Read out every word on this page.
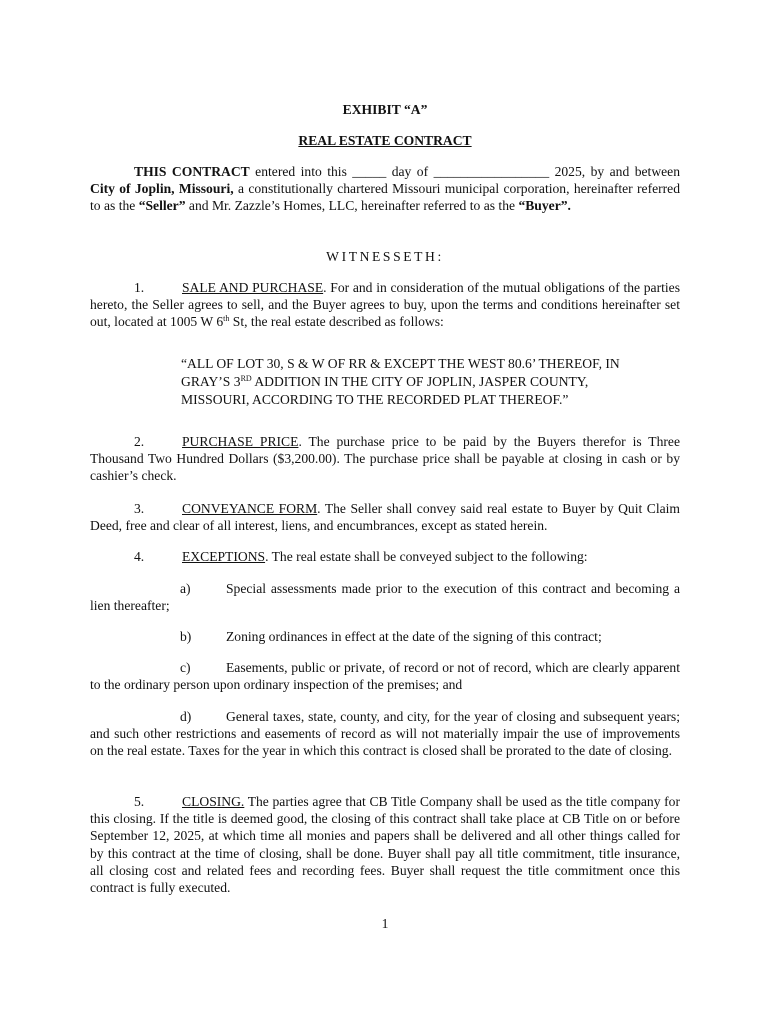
EXHIBIT “A”
REAL ESTATE CONTRACT

THIS CONTRACT entered into this _____ day of _________________ 2025, by and between City of Joplin, Missouri, a constitutionally chartered Missouri municipal corporation, hereinafter referred to as the “Seller” and Mr. Zazzle’s Homes, LLC, hereinafter referred to as the “Buyer”.

WITNESSETH:

1.	SALE AND PURCHASE. For and in consideration of the mutual obligations of the parties hereto, the Seller agrees to sell, and the Buyer agrees to buy, upon the terms and conditions hereinafter set out, located at 1005 W 6th St, the real estate described as follows:

“ALL OF LOT 30, S & W OF RR & EXCEPT THE WEST 80.6’ THEREOF, IN
GRAY’S 3RD ADDITION IN THE CITY OF JOPLIN, JASPER COUNTY,
MISSOURI, ACCORDING TO THE RECORDED PLAT THEREOF.”

2.	PURCHASE PRICE. The purchase price to be paid by the Buyers therefor is Three Thousand Two Hundred Dollars ($3,200.00). The purchase price shall be payable at closing in cash or by cashier’s check.

3.	CONVEYANCE FORM. The Seller shall convey said real estate to Buyer by Quit Claim Deed, free and clear of all interest, liens, and encumbrances, except as stated herein.

4.	EXCEPTIONS. The real estate shall be conveyed subject to the following:

a)	Special assessments made prior to the execution of this contract and becoming a lien thereafter;

b)	Zoning ordinances in effect at the date of the signing of this contract;

c)	Easements, public or private, of record or not of record, which are clearly apparent to the ordinary person upon ordinary inspection of the premises; and

d)	General taxes, state, county, and city, for the year of closing and subsequent years; and such other restrictions and easements of record as will not materially impair the use of improvements on the real estate. Taxes for the year in which this contract is closed shall be prorated to the date of closing.

5.	CLOSING. The parties agree that CB Title Company shall be used as the title company for this closing. If the title is deemed good, the closing of this contract shall take place at CB Title on or before September 12, 2025, at which time all monies and papers shall be delivered and all other things called for by this contract at the time of closing, shall be done. Buyer shall pay all title commitment, title insurance, all closing cost and related fees and recording fees. Buyer shall request the title commitment once this contract is fully executed.

1
